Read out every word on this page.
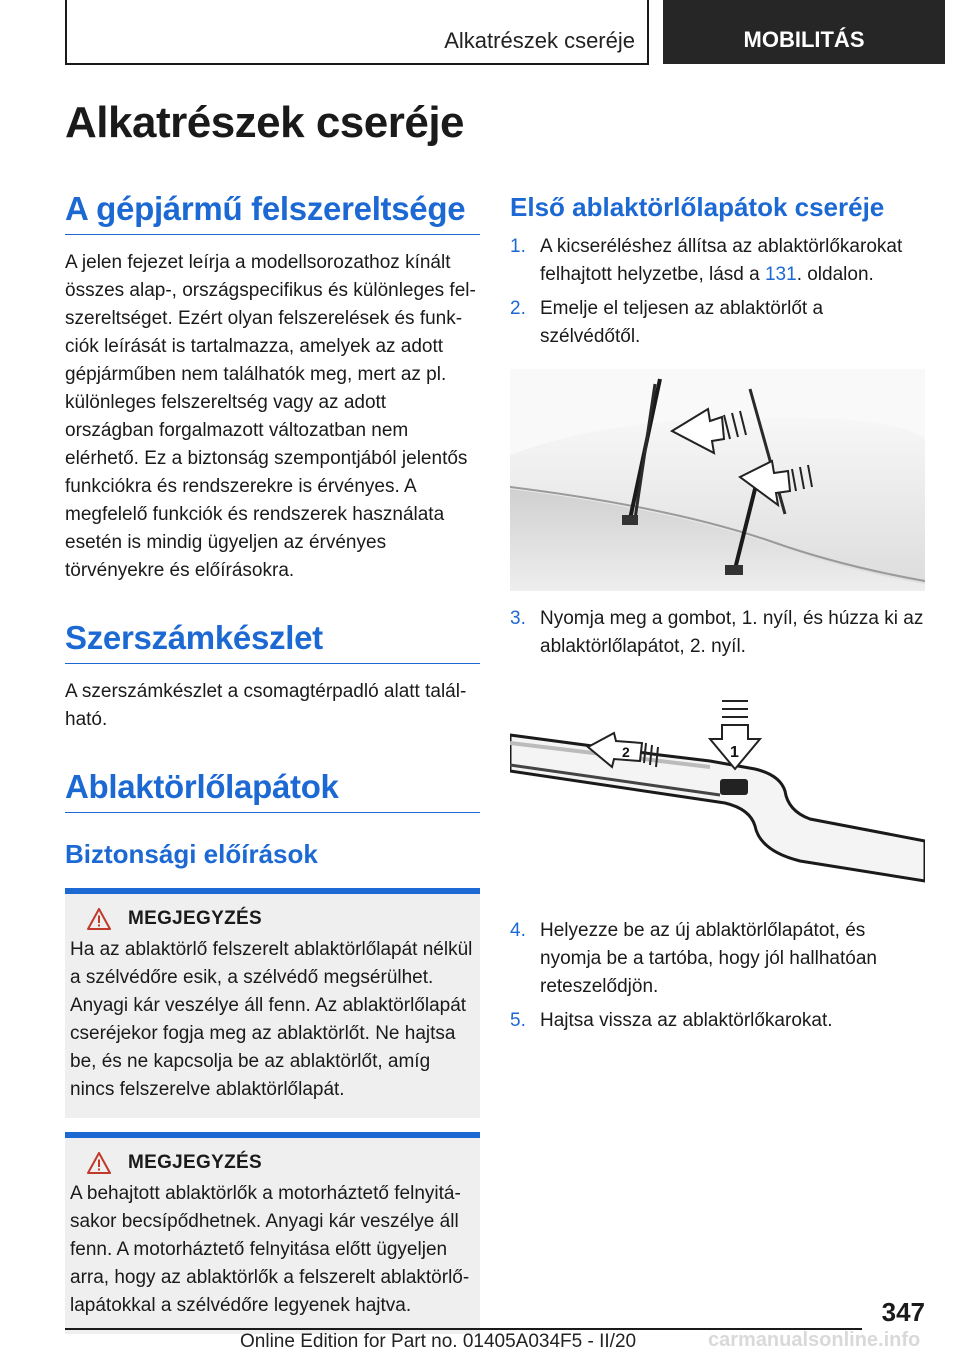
Alkatrészek cseréje	MOBILITÁS
Alkatrészek cseréje
A gépjármű felszereltsége

A jelen fejezet leírja a modellsorozathoz kínált összes alap-, országspecifikus és különleges felszereltséget. Ezért olyan felszerelések és funkciók leírását is tartalmazza, amelyek az adott gépjárműben nem találhatók meg, mert az pl. különleges felszereltség vagy az adott országban forgalmazott változatban nem elérhető. Ez a biztonság szempontjából jelentős funkciókra és rendszerekre is érvényes. A megfelelő funkciók és rendszerek használata esetén is mindig ügyeljen az érvényes törvényekre és előírásokra.

Szerszámkészlet

A szerszámkészlet a csomagtérpadló alatt található.

Ablaktörlőlapátok
Biztonsági előírások
MEGJEGYZÉS
Ha az ablaktörlő felszerelt ablaktörlőlapát nélkül a szélvédőre esik, a szélvédő megsérülhet. Anyagi kár veszélye áll fenn. Az ablaktörlőlapát cseréjekor fogja meg az ablaktörlőt. Ne hajtsa be, és ne kapcsolja be az ablaktörlőt, amíg nincs felszerelve ablaktörlőlapát.
MEGJEGYZÉS
A behajtott ablaktörlők a motorháztető felnyitásakor becsípődhetnek. Anyagi kár veszélye áll fenn. A motorháztető felnyitása előtt ügyeljen arra, hogy az ablaktörlők a felszerelt ablaktörlőlapátokkal a szélvédőre legyenek hajtva.
Első ablaktörlőlapátok cseréje
1. A kicseréléshez állítsa az ablaktörlőkarokat felhajtott helyzetbe, lásd a 131. oldalon.
2. Emelje el teljesen az ablaktörlőt a szélvédőtől.
3. Nyomja meg a gombot, 1. nyíl, és húzza ki az ablaktörlőlapátot, 2. nyíl.
2	1
4. Helyezze be az új ablaktörlőlapátot, és nyomja be a tartóba, hogy jól hallhatóan reteszelődjön.
5. Hajtsa vissza az ablaktörlőkarokat.
347
Online Edition for Part no. 01405A034F5 - II/20	carmanualsonline.info
